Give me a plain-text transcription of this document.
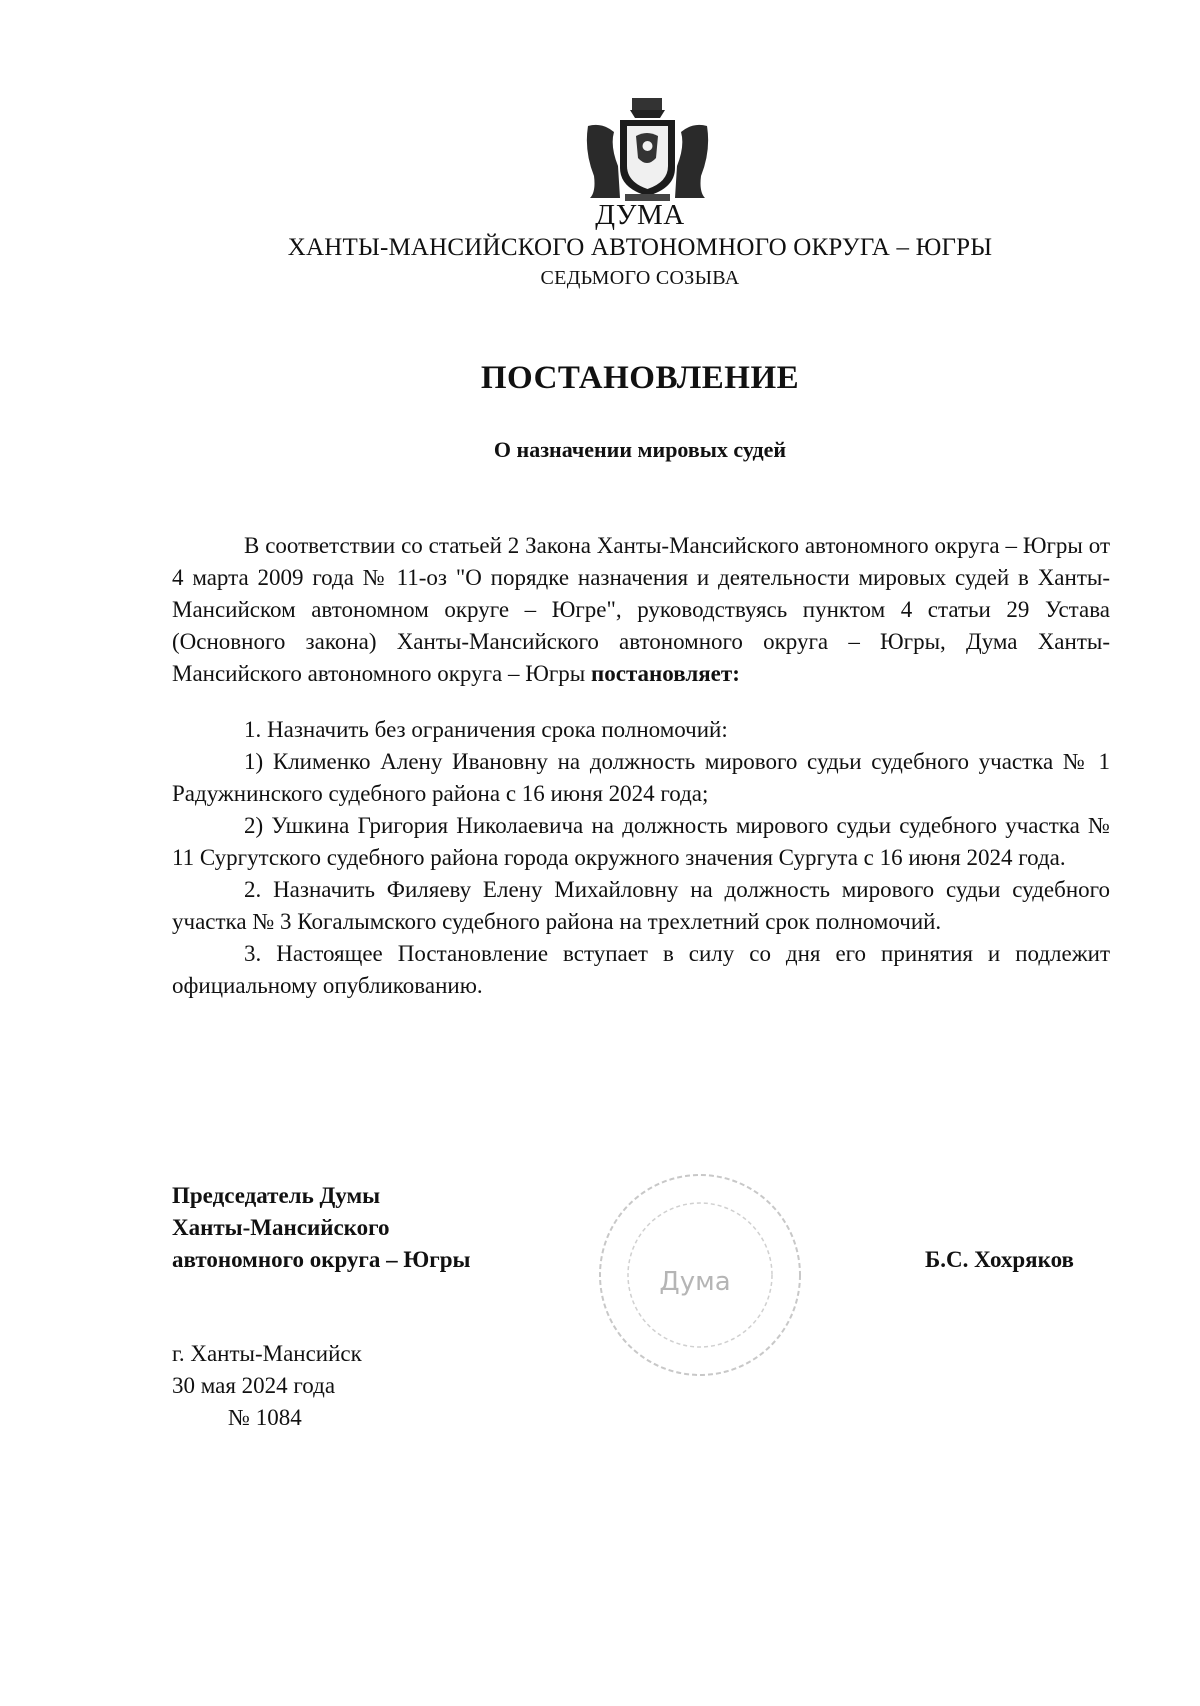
ДУМА
ХАНТЫ-МАНСИЙСКОГО АВТОНОМНОГО ОКРУГА – ЮГРЫ
СЕДЬМОГО СОЗЫВА
ПОСТАНОВЛЕНИЕ
О назначении мировых судей

В соответствии со статьей 2 Закона Ханты-Мансийского автономного округа – Югры от 4 марта 2009 года № 11-оз "О порядке назначения и деятельности мировых судей в Ханты-Мансийском автономном округе – Югре", руководствуясь пунктом 4 статьи 29 Устава (Основного закона) Ханты-Мансийского автономного округа – Югры, Дума Ханты-Мансийского автономного округа – Югры постановляет:

1. Назначить без ограничения срока полномочий:

1) Клименко Алену Ивановну на должность мирового судьи судебного участка № 1 Радужнинского судебного района с 16 июня 2024 года;

2) Ушкина Григория Николаевича на должность мирового судьи судебного участка № 11 Сургутского судебного района города окружного значения Сургута с 16 июня 2024 года.

2. Назначить Филяеву Елену Михайловну на должность мирового судьи судебного участка № 3 Когалымского судебного района на трехлетний срок полномочий.

3. Настоящее Постановление вступает в силу со дня его принятия и подлежит официальному опубликованию.

Председатель Думы
Ханты-Мансийского
автономного округа – Югры
Дума
Б.С. Хохряков
г. Ханты-Мансийск
30 мая 2024 года
№ 1084
